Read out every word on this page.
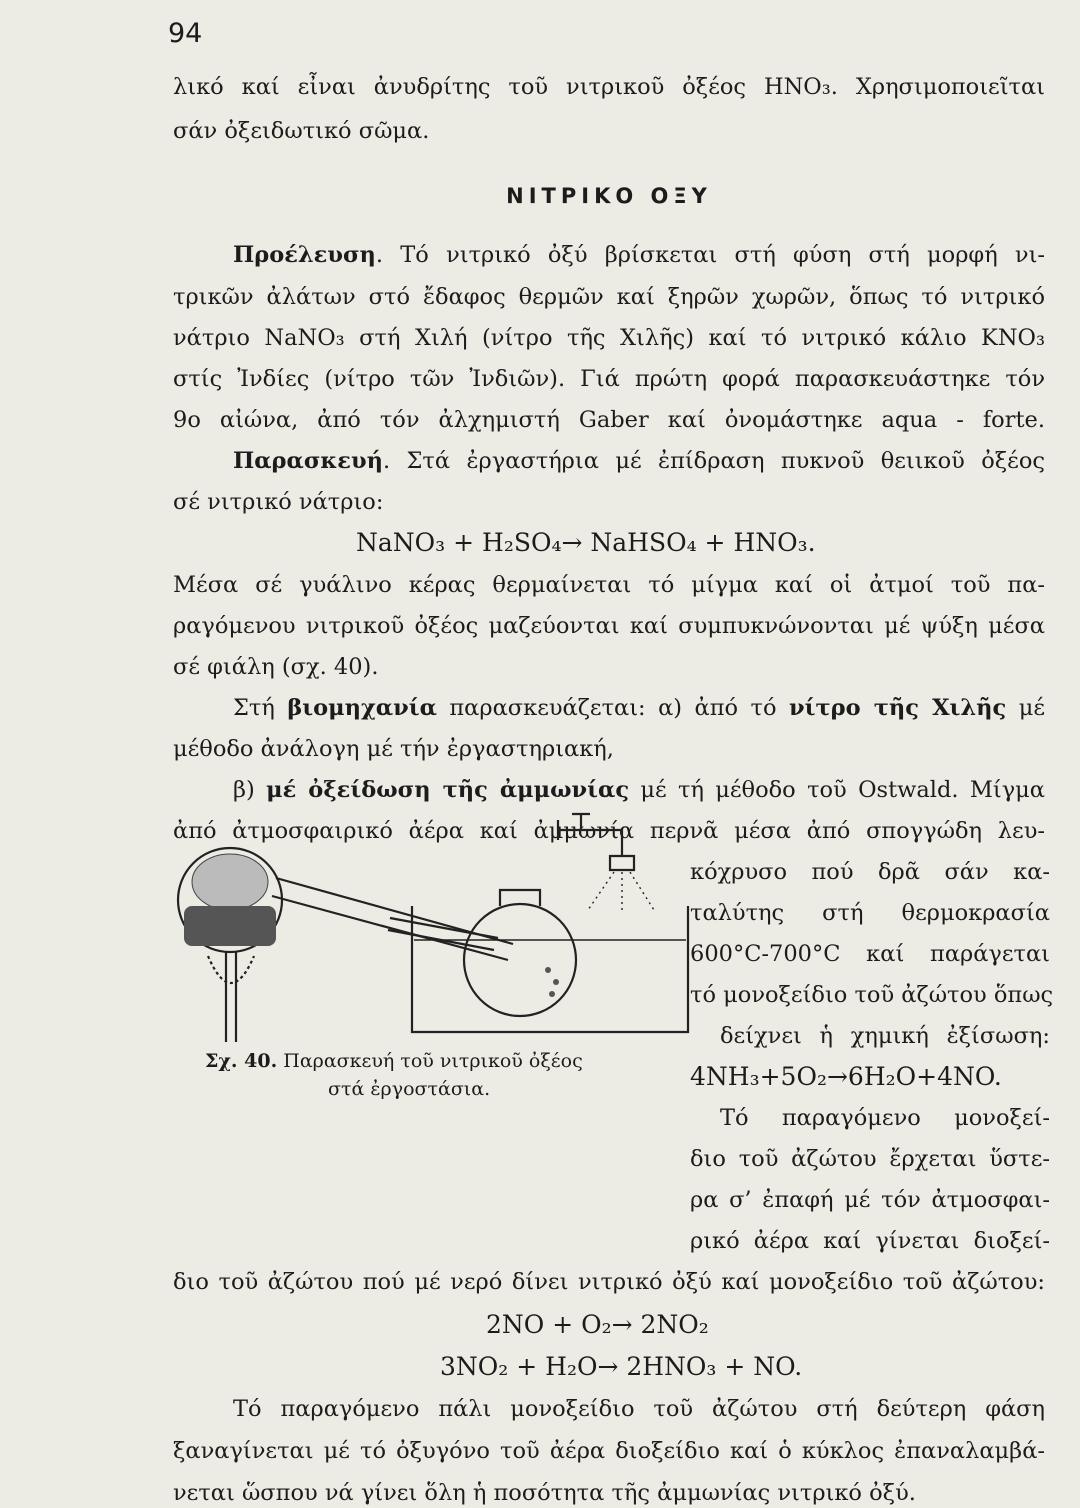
94
λικό καί εἶναι ἀνυδρίτης τοῦ νιτρικοῦ ὀξέος HNO₃. Χρησιμοποιεῖται
σάν ὀξειδωτικό σῶμα.
ΝΙΤΡΙΚΟ ΟΞΥ
Προέλευση. Τό νιτρικό ὀξύ βρίσκεται στή φύση στή μορφή νι-
τρικῶν ἀλάτων στό ἔδαφος θερμῶν καί ξηρῶν χωρῶν, ὅπως τό νιτρικό
νάτριο NaNO₃ στή Χιλή (νίτρο τῆς Χιλῆς) καί τό νιτρικό κάλιο KNO₃
στίς Ἰνδίες (νίτρο τῶν Ἰνδιῶν). Γιά πρώτη φορά παρασκευάστηκε τόν
9ο αἰώνα, ἀπό τόν ἀλχημιστή Gaber καί ὀνομάστηκε aqua - forte.
Παρασκευή. Στά ἐργαστήρια μέ ἐπίδραση πυκνοῦ θειικοῦ ὀξέος
σέ νιτρικό νάτριο:
NaNO₃ + H₂SO₄→ NaHSO₄ + HNO₃.
Μέσα σέ γυάλινο κέρας θερμαίνεται τό μίγμα καί οἱ ἀτμοί τοῦ πα-
ραγόμενου νιτρικοῦ ὀξέος μαζεύονται καί συμπυκνώνονται μέ ψύξη μέσα
σέ φιάλη (σχ. 40).
Στή βιομηχανία παρασκευάζεται: α) ἀπό τό νίτρο τῆς Χιλῆς μέ
μέθοδο ἀνάλογη μέ τήν ἐργαστηριακή,
β) μέ ὀξείδωση τῆς ἀμμωνίας μέ τή μέθοδο τοῦ Ostwald. Μίγμα
ἀπό ἀτμοσφαιρικό ἀέρα καί ἀμμωνία περνᾶ μέσα ἀπό σπογγώδη λευ-
κόχρυσο πού δρᾶ σάν κα-
ταλύτης στή θερμοκρασία
600°C-700°C καί παράγεται
τό μονοξείδιο τοῦ ἀζώτου ὅπως
δείχνει ἡ χημική ἐξίσωση:
4NH₃+5O₂→6H₂O+4NO.
Τό παραγόμενο μονοξεί-
διο τοῦ ἀζώτου ἔρχεται ὕστε-
ρα σ’ ἐπαφή μέ τόν ἀτμοσφαι-
ρικό ἀέρα καί γίνεται διοξεί-
διο τοῦ ἀζώτου πού μέ νερό δίνει νιτρικό ὀξύ καί μονοξείδιο τοῦ ἀζώτου:
2NO + O₂→ 2NO₂
3NO₂ + H₂O→ 2HNO₃ + NO.
Τό παραγόμενο πάλι μονοξείδιο τοῦ ἀζώτου στή δεύτερη φάση
ξαναγίνεται μέ τό ὀξυγόνο τοῦ ἀέρα διοξείδιο καί ὁ κύκλος ἐπαναλαμβά-
νεται ὥσπου νά γίνει ὅλη ἡ ποσότητα τῆς ἀμμωνίας νιτρικό ὀξύ.
Σχ. 40. Παρασκευή τοῦ νιτρικοῦ ὀξέος
στά ἐργοστάσια.
